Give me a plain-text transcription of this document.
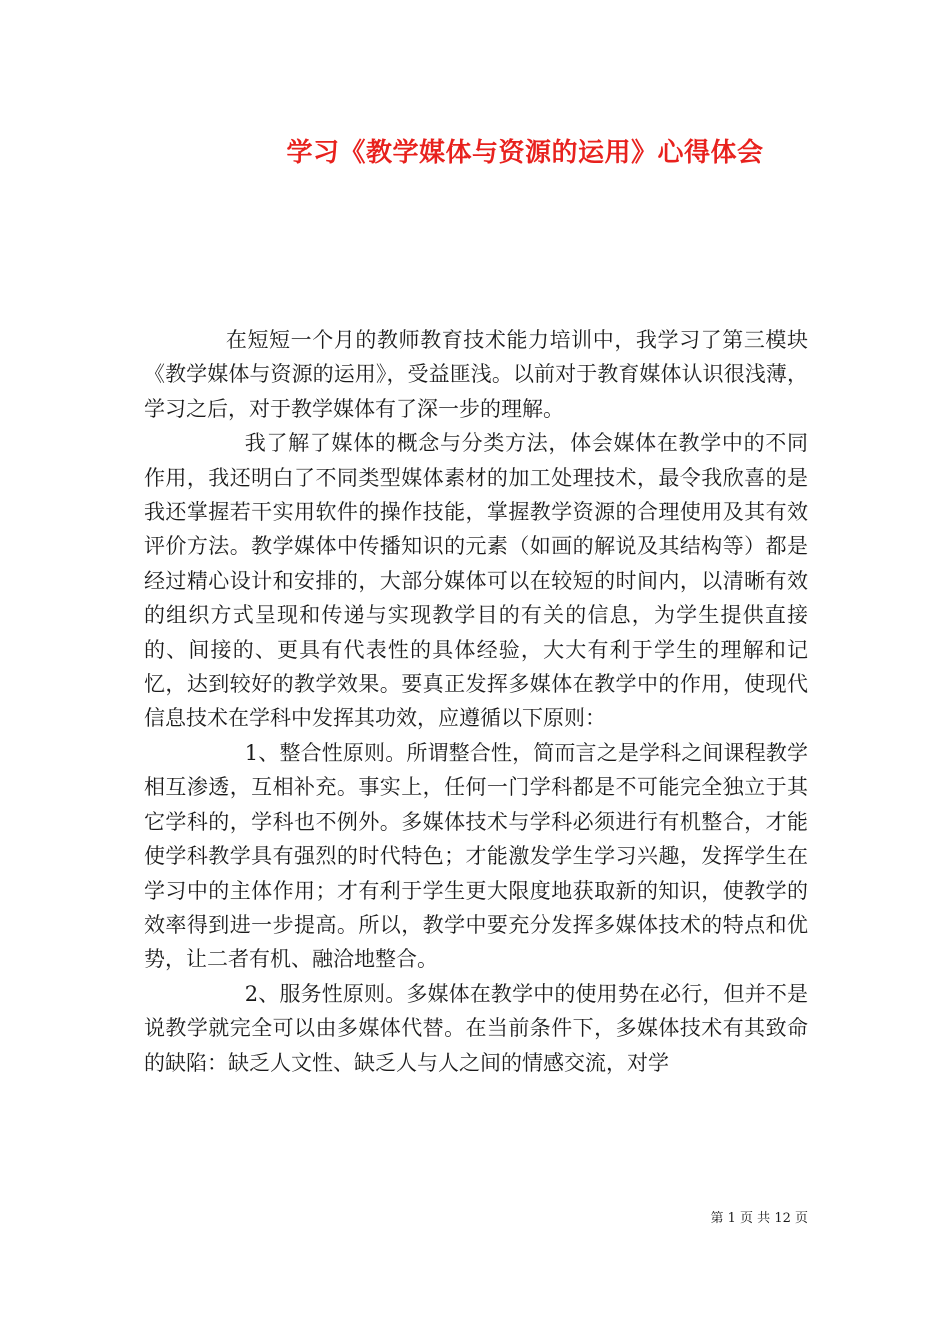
学习《教学媒体与资源的运用》心得体会

在短短一个月的教师教育技术能力培训中，我学习了第三模块《教学媒体与资源的运用》，受益匪浅。以前对于教育媒体认识很浅薄，学习之后，对于教学媒体有了深一步的理解。

我了解了媒体的概念与分类方法，体会媒体在教学中的不同作用，我还明白了不同类型媒体素材的加工处理技术，最令我欣喜的是我还掌握若干实用软件的操作技能，掌握教学资源的合理使用及其有效评价方法。教学媒体中传播知识的元素（如画的解说及其结构等）都是经过精心设计和安排的，大部分媒体可以在较短的时间内，以清晰有效的组织方式呈现和传递与实现教学目的有关的信息，为学生提供直接的、间接的、更具有代表性的具体经验，大大有利于学生的理解和记忆，达到较好的教学效果。要真正发挥多媒体在教学中的作用，使现代信息技术在学科中发挥其功效，应遵循以下原则：

1、整合性原则。所谓整合性，简而言之是学科之间课程教学相互渗透，互相补充。事实上，任何一门学科都是不可能完全独立于其它学科的，学科也不例外。多媒体技术与学科必须进行有机整合，才能使学科教学具有强烈的时代特色；才能激发学生学习兴趣，发挥学生在学习中的主体作用；才有利于学生更大限度地获取新的知识，使教学的效率得到进一步提高。所以，教学中要充分发挥多媒体技术的特点和优势，让二者有机、融洽地整合。

2、服务性原则。多媒体在教学中的使用势在必行，但并不是说教学就完全可以由多媒体代替。在当前条件下，多媒体技术有其致命的缺陷：缺乏人文性、缺乏人与人之间的情感交流，对学

第 1 页 共 12 页
